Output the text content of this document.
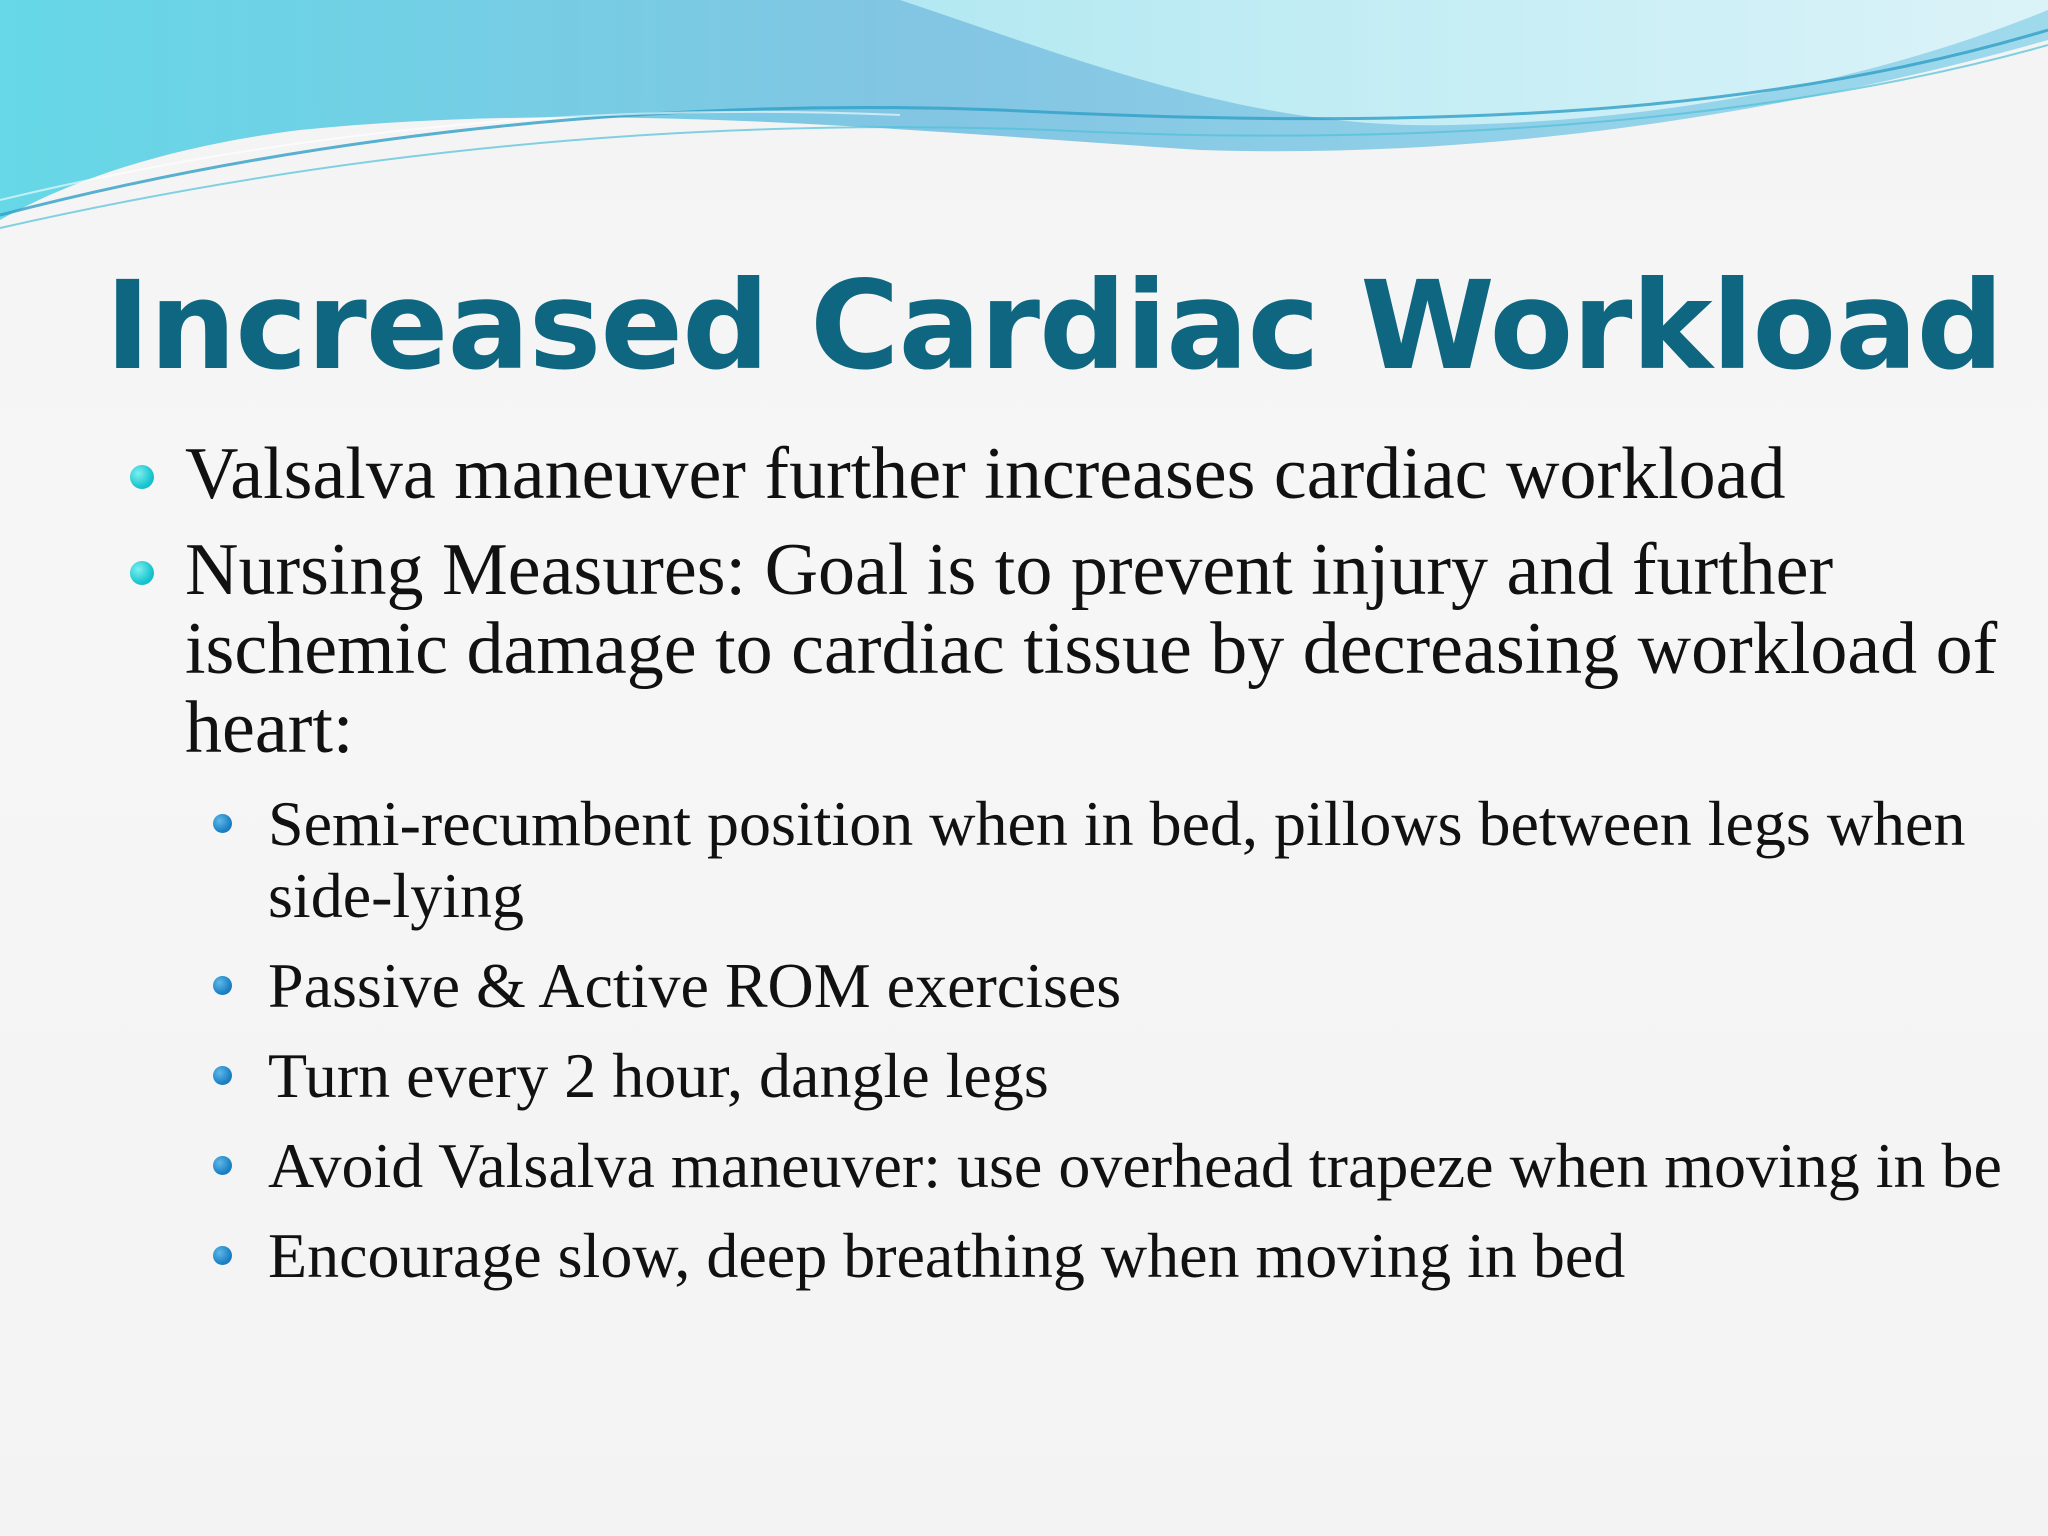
Increased Cardiac Workload
Valsalva maneuver further increases cardiac workload
Nursing Measures: Goal is to prevent injury and further ischemic damage to cardiac tissue by decreasing workload of heart:
Semi-recumbent position when in bed, pillows between legs when side-lying
Passive & Active ROM exercises
Turn every 2 hour, dangle legs
Avoid Valsalva maneuver: use overhead trapeze when moving in be
Encourage slow, deep breathing when moving in bed
